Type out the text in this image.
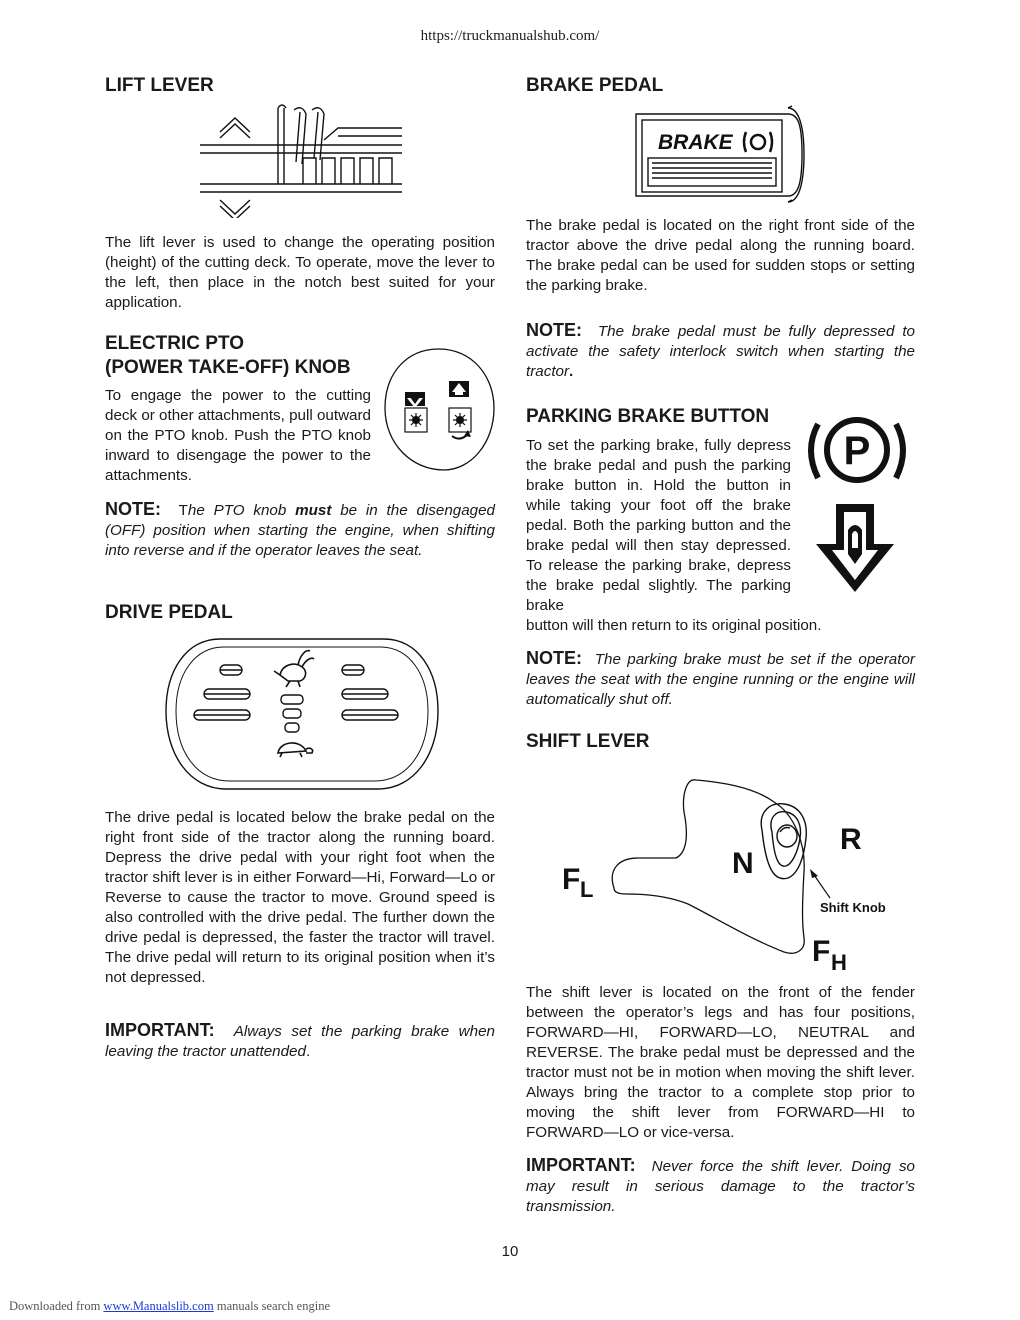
https://truckmanualshub.com/
LIFT LEVER

The lift lever is used to change the operating position (height) of the cutting deck. To operate, move the lever to the left, then place in the notch best suited for your application.

ELECTRIC PTO
(POWER TAKE-OFF) KNOB

To engage the power to the cutting deck or other attachments, pull outward on the PTO knob. Push the PTO knob inward to disengage the power to the attachments.

NOTE: The PTO knob must be in the disengaged (OFF) position when starting the engine, when shifting into reverse and if the operator leaves the seat.

DRIVE PEDAL

The drive pedal is located below the brake pedal on the right front side of the tractor along the running board. Depress the drive pedal with your right foot when the tractor shift lever is in either Forward—Hi, Forward—Lo or Reverse to cause the tractor to move. Ground speed is also controlled with the drive pedal. The further down the drive pedal is depressed, the faster the tractor will travel. The drive pedal will return to its original position when it’s not depressed.

IMPORTANT: Always set the parking brake when leaving the tractor unattended.

BRAKE PEDAL
BRAKE

The brake pedal is located on the right front side of the tractor above the drive pedal along the running board. The brake pedal can be used for sudden stops or setting the parking brake.

NOTE: The brake pedal must be fully depressed to activate the safety interlock switch when starting the tractor.

PARKING BRAKE BUTTON
P

To set the parking brake, fully depress the brake pedal and push the parking brake button in. Hold the button in while taking your foot off the brake pedal. Both the parking button and the brake pedal will then stay depressed. To release the parking brake, depress the brake pedal slightly. The parking brake

button will then return to its original position.

NOTE: The parking brake must be set if the operator leaves the seat with the engine running or the engine will automatically shut off.

SHIFT LEVER
F L
N
R
F H
Shift Knob

The shift lever is located on the front of the fender between the operator’s legs and has four positions, FORWARD—HI, FORWARD—LO, NEUTRAL and REVERSE. The brake pedal must be depressed and the tractor must not be in motion when moving the shift lever. Always bring the tractor to a complete stop prior to moving the shift lever from FORWARD—HI to FORWARD—LO or vice-versa.

IMPORTANT: Never force the shift lever. Doing so may result in serious damage to the tractor’s transmission.

10
Downloaded from www.Manualslib.com manuals search engine
